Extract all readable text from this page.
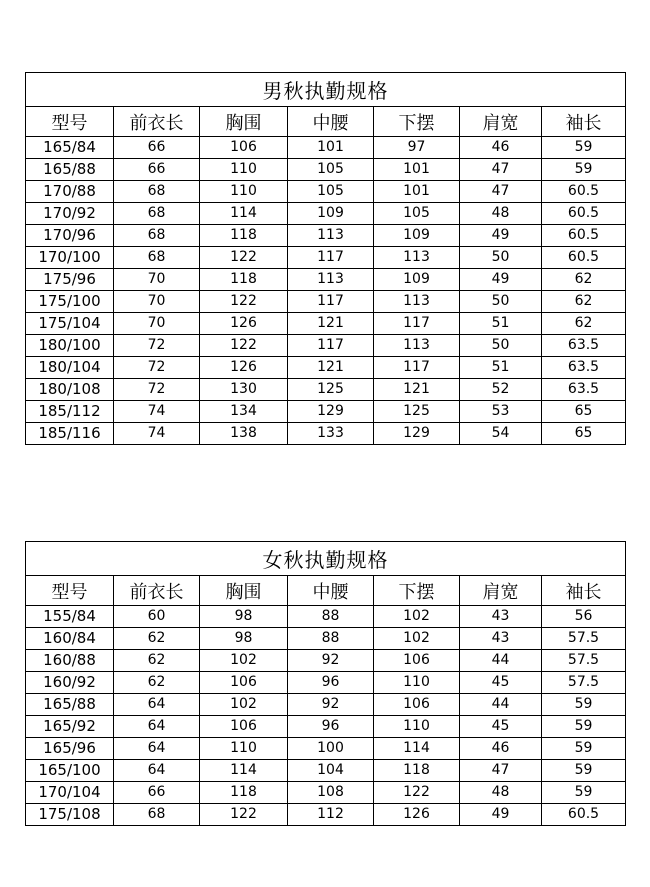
男秋执勤规格						
型号	前衣长	胸围	中腰	下摆	肩宽	袖长
165/84	66	106	101	97	46	59
165/88	66	110	105	101	47	59
170/88	68	110	105	101	47	60.5
170/92	68	114	109	105	48	60.5
170/96	68	118	113	109	49	60.5
170/100	68	122	117	113	50	60.5
175/96	70	118	113	109	49	62
175/100	70	122	117	113	50	62
175/104	70	126	121	117	51	62
180/100	72	122	117	113	50	63.5
180/104	72	126	121	117	51	63.5
180/108	72	130	125	121	52	63.5
185/112	74	134	129	125	53	65
185/116	74	138	133	129	54	65
女秋执勤规格						
型号	前衣长	胸围	中腰	下摆	肩宽	袖长
155/84	60	98	88	102	43	56
160/84	62	98	88	102	43	57.5
160/88	62	102	92	106	44	57.5
160/92	62	106	96	110	45	57.5
165/88	64	102	92	106	44	59
165/92	64	106	96	110	45	59
165/96	64	110	100	114	46	59
165/100	64	114	104	118	47	59
170/104	66	118	108	122	48	59
175/108	68	122	112	126	49	60.5
